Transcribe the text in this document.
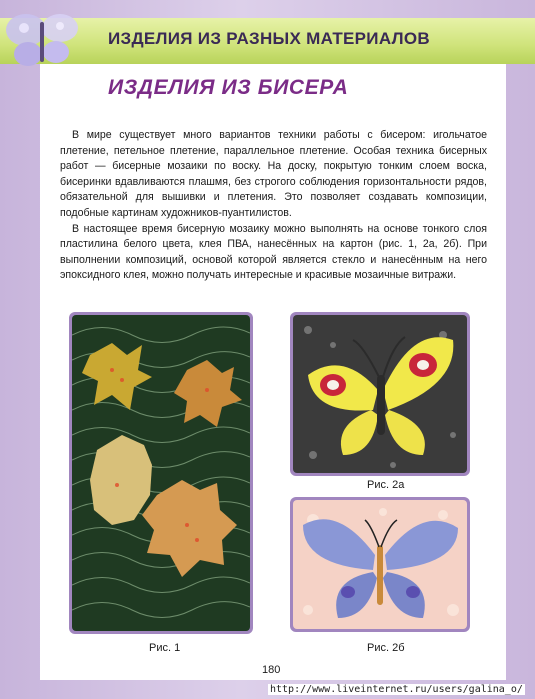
ИЗДЕЛИЯ ИЗ РАЗНЫХ МАТЕРИАЛОВ
ИЗДЕЛИЯ ИЗ БИСЕРА

В мире существует много вариантов техники работы с бисером: игольчатое плетение, петельное плетение, параллельное плетение. Особая техника бисерных работ — бисерные мозаики по воску. На доску, покрытую тонким слоем воска, бисеринки вдавливаются плашмя, без строгого соблюдения горизонтальности рядов, обязательной для вышивки и плетения. Это позволяет создавать композиции, подобные картинам художников-пуантилистов.

В настоящее время бисерную мозаику можно выполнять на основе тонкого слоя пластилина белого цвета, клея ПВА, нанесённых на картон (рис. 1, 2а, 2б). При выполнении композиций, основой которой является стекло и нанесённым на него эпоксидного клея, можно получать интересные и красивые мозаичные витражи.

Рис. 2а
Рис. 1	Рис. 2б
180
http://www.liveinternet.ru/users/galina_o/
